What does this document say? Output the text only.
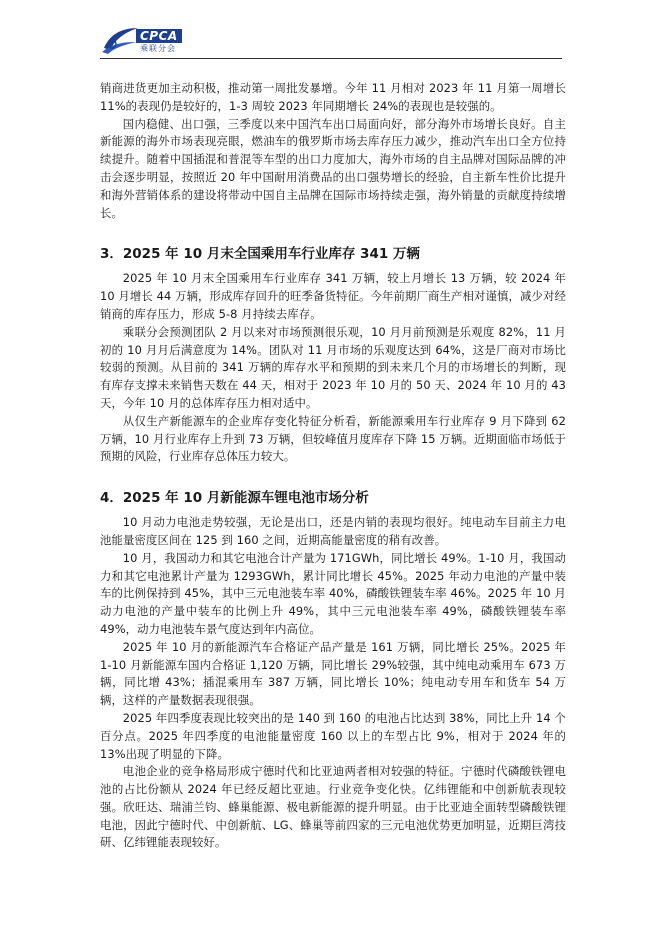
CPCA
乘联分会

销商进货更加主动积极，推动第一周批发暴增。今年 11 月相对 2023 年 11 月第一周增长 11%的表现仍是较好的，1-3 周较 2023 年同期增长 24%的表现也是较强的。

国内稳健、出口强，三季度以来中国汽车出口局面向好，部分海外市场增长良好。自主新能源的海外市场表现亮眼，燃油车的俄罗斯市场去库存压力减少，推动汽车出口全方位持续提升。随着中国插混和普混等车型的出口力度加大，海外市场的自主品牌对国际品牌的冲击会逐步明显，按照近 20 年中国耐用消费品的出口强势增长的经验，自主新车性价比提升和海外营销体系的建设将带动中国自主品牌在国际市场持续走强，海外销量的贡献度持续增长。

3．2025 年 10 月末全国乘用车行业库存 341 万辆

2025 年 10 月末全国乘用车行业库存 341 万辆，较上月增长 13 万辆，较 2024 年 10 月增长 44 万辆，形成库存回升的旺季备货特征。今年前期厂商生产相对谨慎，减少对经销商的库存压力，形成 5-8 月持续去库存。

乘联分会预测团队 2 月以来对市场预测很乐观，10 月月前预测是乐观度 82%，11 月初的 10 月月后满意度为 14%。团队对 11 月市场的乐观度达到 64%，这是厂商对市场比较弱的预测。从目前的 341 万辆的库存水平和预期的到未来几个月的市场增长的判断，现有库存支撑未来销售天数在 44 天，相对于 2023 年 10 月的 50 天、2024 年 10 月的 43 天，今年 10 月的总体库存压力相对适中。

从仅生产新能源车的企业库存变化特征分析看，新能源乘用车行业库存 9 月下降到 62 万辆，10 月行业库存上升到 73 万辆，但较峰值月度库存下降 15 万辆。近期面临市场低于预期的风险，行业库存总体压力较大。

4．2025 年 10 月新能源车锂电池市场分析

10 月动力电池走势较强，无论是出口，还是内销的表现均很好。纯电动车目前主力电池能量密度区间在 125 到 160 之间，近期高能量密度的稍有改善。

10 月，我国动力和其它电池合计产量为 171GWh，同比增长 49%。1-10 月，我国动力和其它电池累计产量为 1293GWh，累计同比增长 45%。2025 年动力电池的产量中装车的比例保持到 45%，其中三元电池装车率 40%，磷酸铁锂装车率 46%。2025 年 10 月动力电池的产量中装车的比例上升 49%，其中三元电池装车率 49%，磷酸铁锂装车率 49%，动力电池装车景气度达到年内高位。

2025 年 10 月的新能源汽车合格证产品产量是 161 万辆，同比增长 25%。2025 年 1-10 月新能源车国内合格证 1,120 万辆，同比增长 29%较强，其中纯电动乘用车 673 万辆，同比增 43%；插混乘用车 387 万辆，同比增长 10%；纯电动专用车和货车 54 万辆，这样的产量数据表现很强。

2025 年四季度表现比较突出的是 140 到 160 的电池占比达到 38%，同比上升 14 个百分点。2025 年四季度的电池能量密度 160 以上的车型占比 9%，相对于 2024 年的 13%出现了明显的下降。

电池企业的竞争格局形成宁德时代和比亚迪两者相对较强的特征。宁德时代磷酸铁锂电池的占比份额从 2024 年已经反超比亚迪。行业竞争变化快。亿纬锂能和中创新航表现较强。欣旺达、瑞浦兰钧、蜂巢能源、极电新能源的提升明显。由于比亚迪全面转型磷酸铁锂电池，因此宁德时代、中创新航、LG、蜂巢等前四家的三元电池优势更加明显，近期巨湾技研、亿纬锂能表现较好。
